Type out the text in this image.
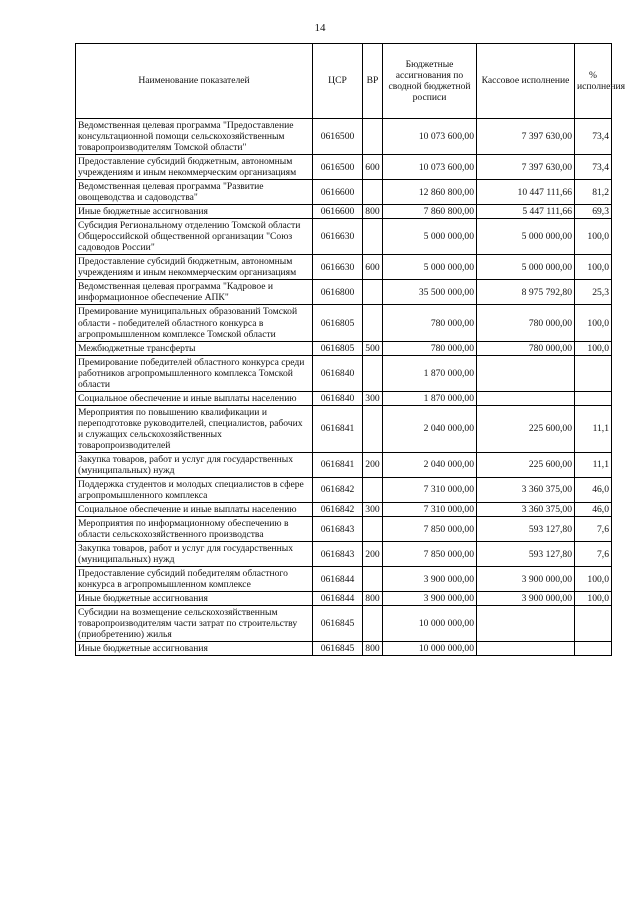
14
Наименование показателей	ЦСР	ВР	Бюджетные ассигнования по сводной бюджетной росписи	Кассовое исполнение	% исполнения
Ведомственная целевая программа "Предоставление консультационной помощи сельскохозяйственным товаропроизводителям Томской области"	0616500		10 073 600,00	7 397 630,00	73,4
Предоставление субсидий бюджетным, автономным учреждениям и иным некоммерческим организациям	0616500	600	10 073 600,00	7 397 630,00	73,4
Ведомственная целевая программа "Развитие овощеводства и садоводства"	0616600		12 860 800,00	10 447 111,66	81,2
Иные бюджетные ассигнования	0616600	800	7 860 800,00	5 447 111,66	69,3
Субсидия Региональному отделению Томской области Общероссийской общественной организации "Союз садоводов России"	0616630		5 000 000,00	5 000 000,00	100,0
Предоставление субсидий бюджетным, автономным учреждениям и иным некоммерческим организациям	0616630	600	5 000 000,00	5 000 000,00	100,0
Ведомственная целевая программа "Кадровое и информационное обеспечение АПК"	0616800		35 500 000,00	8 975 792,80	25,3
Премирование муниципальных образований Томской области - победителей областного конкурса в агропромышленном комплексе Томской области	0616805		780 000,00	780 000,00	100,0
Межбюджетные трансферты	0616805	500	780 000,00	780 000,00	100,0
Премирование победителей областного конкурса среди работников агропромышленного комплекса Томской области	0616840		1 870 000,00		
Социальное обеспечение и иные выплаты населению	0616840	300	1 870 000,00		
Мероприятия по повышению квалификации и переподготовке руководителей, специалистов, рабочих и служащих сельскохозяйственных товаропроизводителей	0616841		2 040 000,00	225 600,00	11,1
Закупка товаров, работ и услуг для государственных (муниципальных) нужд	0616841	200	2 040 000,00	225 600,00	11,1
Поддержка студентов и молодых специалистов в сфере агропромышленного комплекса	0616842		7 310 000,00	3 360 375,00	46,0
Социальное обеспечение и иные выплаты населению	0616842	300	7 310 000,00	3 360 375,00	46,0
Мероприятия по информационному обеспечению в области сельскохозяйственного производства	0616843		7 850 000,00	593 127,80	7,6
Закупка товаров, работ и услуг для государственных (муниципальных) нужд	0616843	200	7 850 000,00	593 127,80	7,6
Предоставление субсидий победителям областного конкурса в агропромышленном комплексе	0616844		3 900 000,00	3 900 000,00	100,0
Иные бюджетные ассигнования	0616844	800	3 900 000,00	3 900 000,00	100,0
Субсидии на возмещение сельскохозяйственным товаропроизводителям части затрат по строительству (приобретению) жилья	0616845		10 000 000,00		
Иные бюджетные ассигнования	0616845	800	10 000 000,00		
